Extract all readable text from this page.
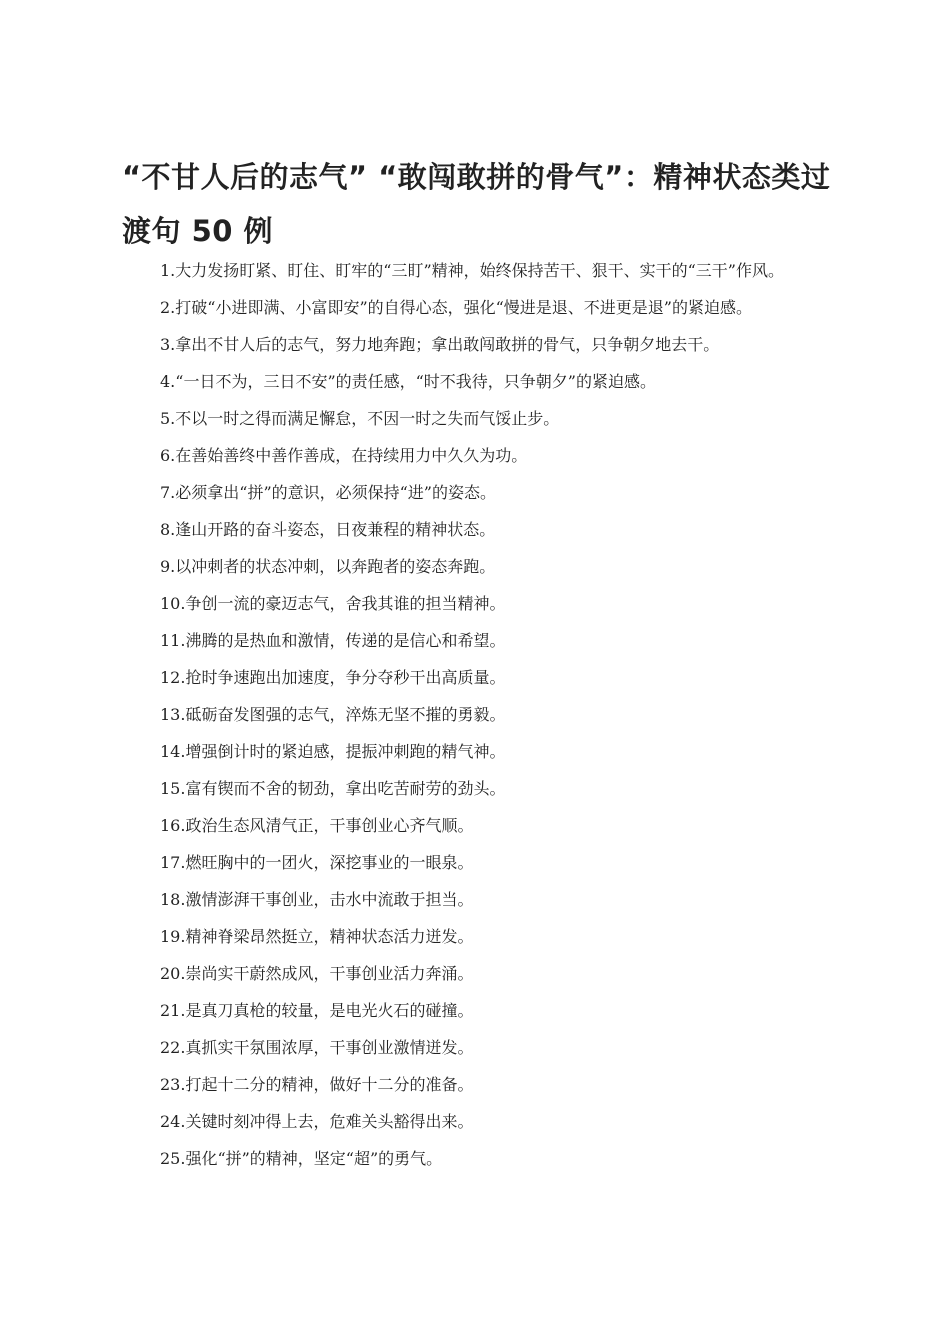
“不甘人后的志气” “敢闯敢拼的骨气”：精神状态类过渡句 50 例
1.大力发扬盯紧、盯住、盯牢的“三盯”精神，始终保持苦干、狠干、实干的“三干”作风。
2.打破“小进即满、小富即安”的自得心态，强化“慢进是退、不进更是退”的紧迫感。
3.拿出不甘人后的志气，努力地奔跑；拿出敢闯敢拼的骨气，只争朝夕地去干。
4.“一日不为，三日不安”的责任感，“时不我待，只争朝夕”的紧迫感。
5.不以一时之得而满足懈怠，不因一时之失而气馁止步。
6.在善始善终中善作善成，在持续用力中久久为功。
7.必须拿出“拼”的意识，必须保持“进”的姿态。
8.逢山开路的奋斗姿态，日夜兼程的精神状态。
9.以冲刺者的状态冲刺，以奔跑者的姿态奔跑。
10.争创一流的豪迈志气，舍我其谁的担当精神。
11.沸腾的是热血和激情，传递的是信心和希望。
12.抢时争速跑出加速度，争分夺秒干出高质量。
13.砥砺奋发图强的志气，淬炼无坚不摧的勇毅。
14.增强倒计时的紧迫感，提振冲刺跑的精气神。
15.富有锲而不舍的韧劲，拿出吃苦耐劳的劲头。
16.政治生态风清气正，干事创业心齐气顺。
17.燃旺胸中的一团火，深挖事业的一眼泉。
18.激情澎湃干事创业，击水中流敢于担当。
19.精神脊梁昂然挺立，精神状态活力迸发。
20.崇尚实干蔚然成风，干事创业活力奔涌。
21.是真刀真枪的较量，是电光火石的碰撞。
22.真抓实干氛围浓厚，干事创业激情迸发。
23.打起十二分的精神，做好十二分的准备。
24.关键时刻冲得上去，危难关头豁得出来。
25.强化“拼”的精神，坚定“超”的勇气。
